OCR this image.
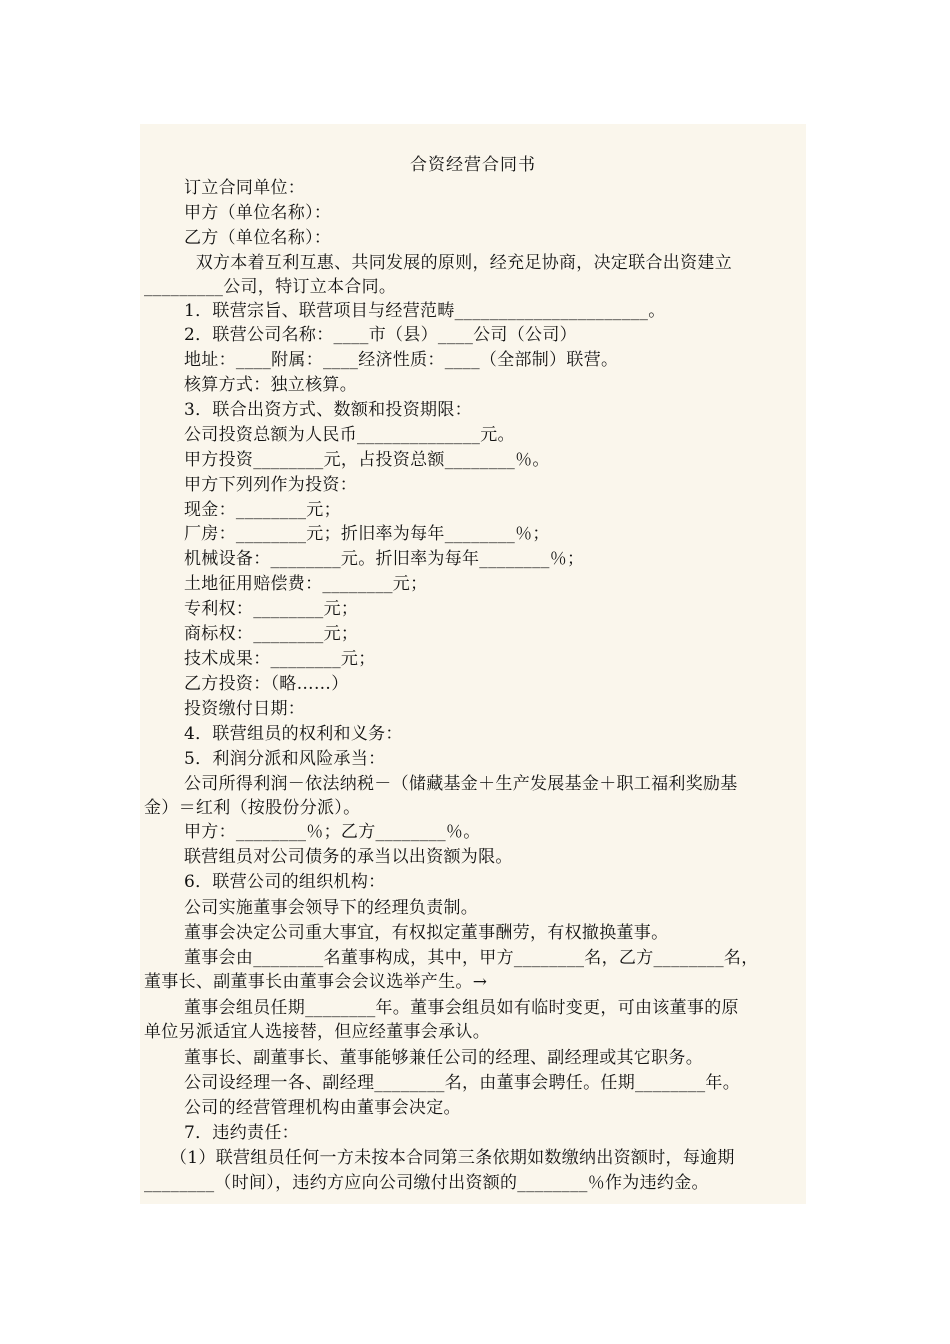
合资经营合同书
订立合同单位：
甲方（单位名称）：
乙方（单位名称）：
双方本着互利互惠、共同发展的原则，经充足协商，决定联合出资建立
_________公司，特订立本合同。
1．联营宗旨、联营项目与经营范畴______________________。
2．联营公司名称：____市（县）____公司（公司）
地址：____附属：____经济性质：____（全部制）联营。
核算方式：独立核算。
3．联合出资方式、数额和投资期限：
公司投资总额为人民币______________元。
甲方投资________元，占投资总额________％。
甲方下列列作为投资：
现金：________元；
厂房：________元；折旧率为每年________％；
机械设备：________元。折旧率为每年________％；
土地征用赔偿费：________元；
专利权：________元；
商标权：________元；
技术成果：________元；
乙方投资：（略……）
投资缴付日期：
4．联营组员的权利和义务：
5．利润分派和风险承当：
公司所得利润－依法纳税－（储藏基金＋生产发展基金＋职工福利奖励基
金）＝红利（按股份分派）。
甲方：________％；乙方________％。
联营组员对公司债务的承当以出资额为限。
6．联营公司的组织机构：
公司实施董事会领导下的经理负责制。
董事会决定公司重大事宜，有权拟定董事酬劳，有权撤换董事。
董事会由________名董事构成，其中，甲方________名，乙方________名，
董事长、副董事长由董事会会议选举产生。→
董事会组员任期________年。董事会组员如有临时变更，可由该董事的原
单位另派适宜人选接替，但应经董事会承认。
董事长、副董事长、董事能够兼任公司的经理、副经理或其它职务。
公司设经理一各、副经理________名，由董事会聘任。任期________年。
公司的经营管理机构由董事会决定。
7．违约责任：
（1）联营组员任何一方未按本合同第三条依期如数缴纳出资额时，每逾期
________（时间），违约方应向公司缴付出资额的________％作为违约金。
